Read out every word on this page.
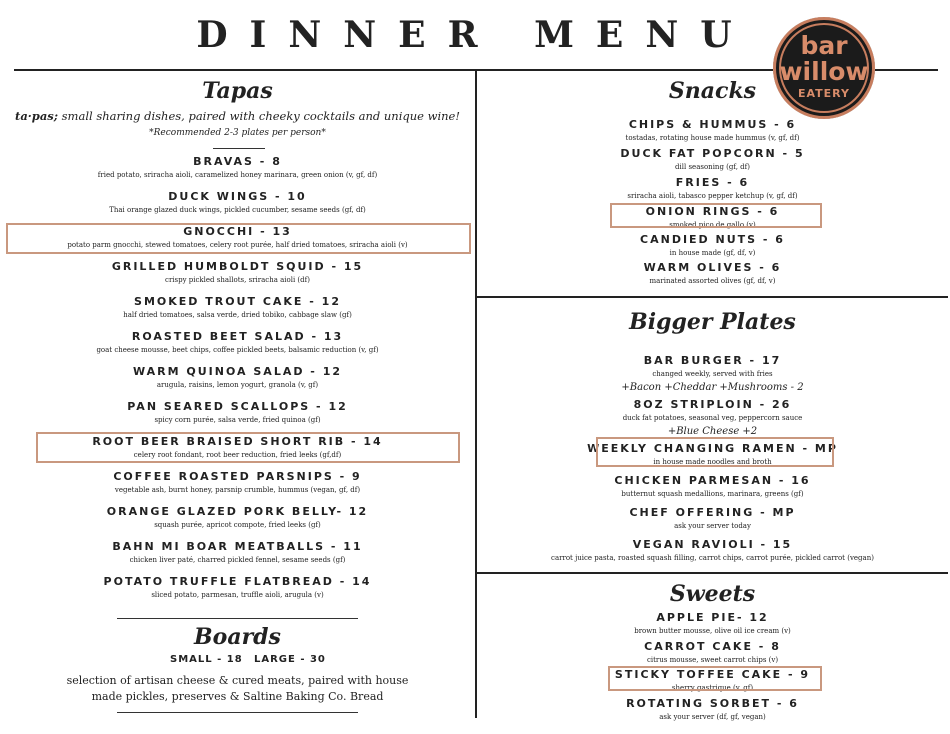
DINNER MENU	bar
willow
EATERY
Tapas
ta·pas; small sharing dishes, paired with cheeky cocktails and unique wine!
*Recommended 2-3 plates per person*
BRAVAS - 8
fried potato, sriracha aioli, caramelized honey marinara, green onion (v, gf, df)
DUCK WINGS - 10
Thai orange glazed duck wings, pickled cucumber, sesame seeds (gf, df)
GNOCCHI - 13
potato parm gnocchi, stewed tomatoes, celery root purée, half dried tomatoes, sriracha aioli (v)
GRILLED HUMBOLDT SQUID - 15
crispy pickled shallots, sriracha aioli (df)
SMOKED TROUT CAKE - 12
half dried tomatoes, salsa verde, dried tobiko, cabbage slaw (gf)
ROASTED BEET SALAD - 13
goat cheese mousse, beet chips, coffee pickled beets, balsamic reduction (v, gf)
WARM QUINOA SALAD - 12
arugula, raisins, lemon yogurt, granola (v, gf)
PAN SEARED SCALLOPS - 12
spicy corn purée, salsa verde, fried quinoa (gf)
ROOT BEER BRAISED SHORT RIB - 14
celery root fondant, root beer reduction, fried leeks (gf,df)
COFFEE ROASTED PARSNIPS - 9
vegetable ash, burnt honey, parsnip crumble, hummus (vegan, gf, df)
ORANGE GLAZED PORK BELLY- 12
squash purée, apricot compote, fried leeks (gf)
BAHN MI BOAR MEATBALLS - 11
chicken liver paté, charred pickled fennel, sesame seeds (gf)
POTATO TRUFFLE FLATBREAD - 14
sliced potato, parmesan, truffle aioli, arugula (v)
Boards
SMALL - 18 LARGE - 30
selection of artisan cheese & cured meats, paired with house
made pickles, preserves & Saltine Baking Co. Bread
Snacks
CHIPS & HUMMUS - 6
tostadas, rotating house made hummus (v, gf, df)
DUCK FAT POPCORN - 5
dill seasoning (gf, df)
FRIES - 6
sriracha aioli, tabasco pepper ketchup (v, gf, df)
ONION RINGS - 6
smoked pico de gallo (v)
CANDIED NUTS - 6
in house made (gf, df, v)
WARM OLIVES - 6
marinated assorted olives (gf, df, v)
Bigger Plates
BAR BURGER - 17
changed weekly, served with fries
+Bacon +Cheddar +Mushrooms - 2
8OZ STRIPLOIN - 26
duck fat potatoes, seasonal veg, peppercorn sauce
+Blue Cheese +2
WEEKLY CHANGING RAMEN - MP
in house made noodles and broth
CHICKEN PARMESAN - 16
butternut squash medallions, marinara, greens (gf)
CHEF OFFERING - MP
ask your server today
VEGAN RAVIOLI - 15
carrot juice pasta, roasted squash filling, carrot chips, carrot purée, pickled carrot (vegan)
Sweets
APPLE PIE- 12
brown butter mousse, olive oil ice cream (v)
CARROT CAKE - 8
citrus mousse, sweet carrot chips (v)
STICKY TOFFEE CAKE - 9
sherry gastrique (v, gf)
ROTATING SORBET - 6
ask your server (df, gf, vegan)
